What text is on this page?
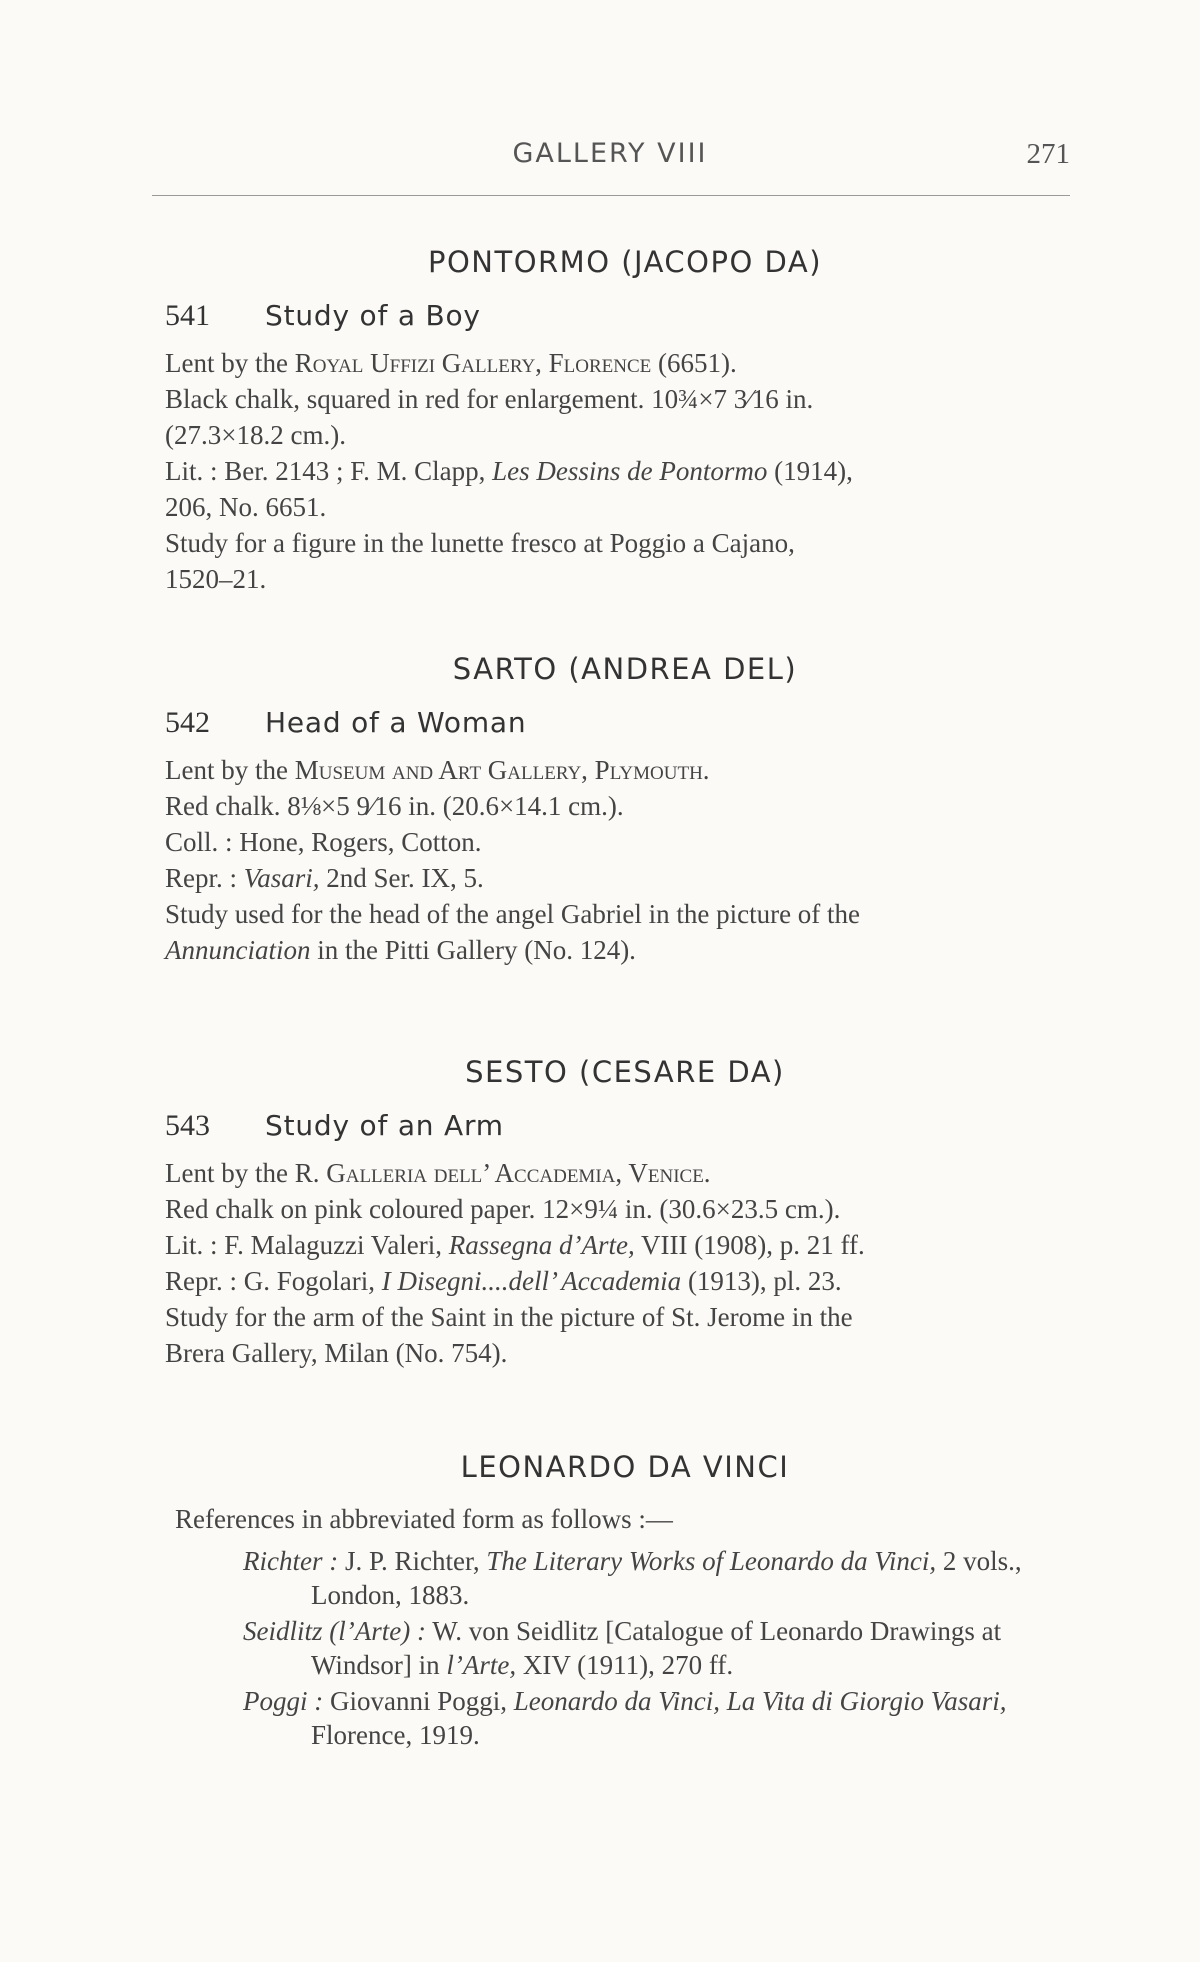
GALLERY VIII	271
PONTORMO (JACOPO DA)
541 Study of a Boy
Lent by the Royal Uffizi Gallery, Florence (6651).
Black chalk, squared in red for enlargement. 10¾×7 3⁄16 in.
(27.3×18.2 cm.).
Lit. : Ber. 2143 ; F. M. Clapp, Les Dessins de Pontormo (1914),
206, No. 6651.
Study for a figure in the lunette fresco at Poggio a Cajano,
1520–21.
SARTO (ANDREA DEL)
542 Head of a Woman
Lent by the Museum and Art Gallery, Plymouth.
Red chalk. 8⅛×5 9⁄16 in. (20.6×14.1 cm.).
Coll. : Hone, Rogers, Cotton.
Repr. : Vasari, 2nd Ser. IX, 5.
Study used for the head of the angel Gabriel in the picture of the
Annunciation in the Pitti Gallery (No. 124).
SESTO (CESARE DA)
543 Study of an Arm
Lent by the R. Galleria dell’ Accademia, Venice.
Red chalk on pink coloured paper. 12×9¼ in. (30.6×23.5 cm.).
Lit. : F. Malaguzzi Valeri, Rassegna d’Arte, VIII (1908), p. 21 ff.
Repr. : G. Fogolari, I Disegni....dell’ Accademia (1913), pl. 23.
Study for the arm of the Saint in the picture of St. Jerome in the
Brera Gallery, Milan (No. 754).
LEONARDO DA VINCI
References in abbreviated form as follows :—
Richter : J. P. Richter, The Literary Works of Leonardo da Vinci, 2 vols., London, 1883.
Seidlitz (l’Arte) : W. von Seidlitz [Catalogue of Leonardo Drawings at Windsor] in l’Arte, XIV (1911), 270 ff.
Poggi : Giovanni Poggi, Leonardo da Vinci, La Vita di Giorgio Vasari, Florence, 1919.
